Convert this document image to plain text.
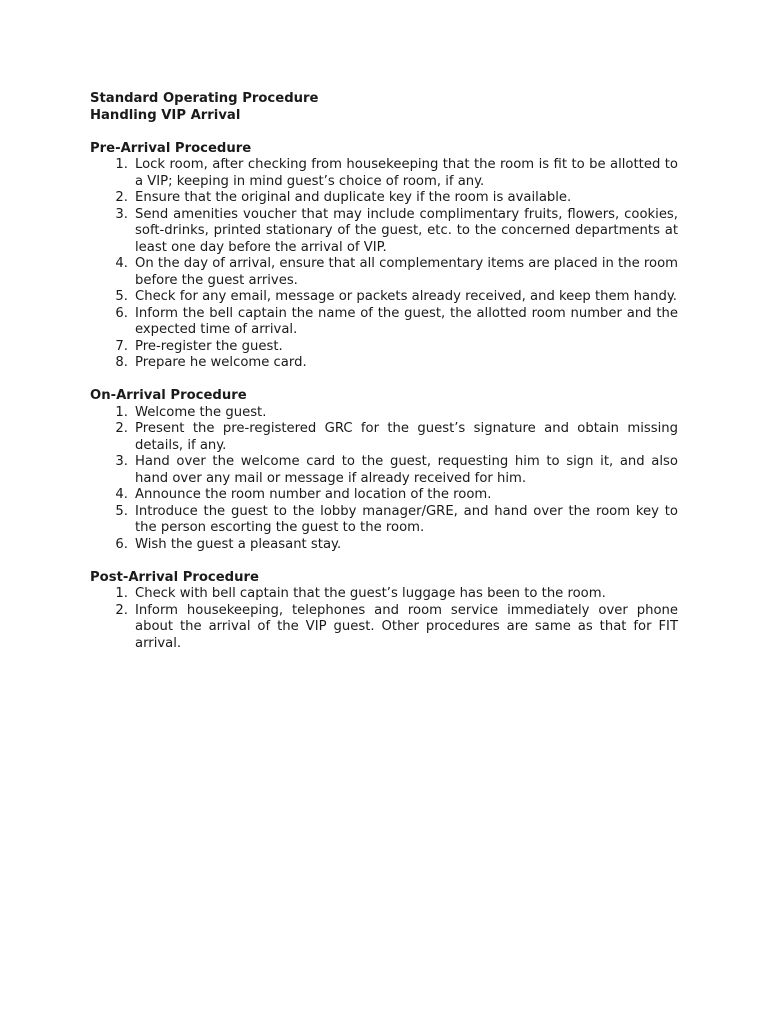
Standard Operating Procedure

Handling VIP Arrival

Pre-Arrival Procedure

1. Lock room, after checking from housekeeping that the room is fit to be allotted to a VIP; keeping in mind guest’s choice of room, if any.
2. Ensure that the original and duplicate key if the room is available.
3. Send amenities voucher that may include complimentary fruits, flowers, cookies, soft-drinks, printed stationary of the guest, etc. to the concerned departments at least one day before the arrival of VIP.
4. On the day of arrival, ensure that all complementary items are placed in the room before the guest arrives.
5. Check for any email, message or packets already received, and keep them handy.
6. Inform the bell captain the name of the guest, the allotted room number and the expected time of arrival.
7. Pre-register the guest.
8. Prepare he welcome card.

On-Arrival Procedure

1. Welcome the guest.
2. Present the pre-registered GRC for the guest’s signature and obtain missing details, if any.
3. Hand over the welcome card to the guest, requesting him to sign it, and also hand over any mail or message if already received for him.
4. Announce the room number and location of the room.
5. Introduce the guest to the lobby manager/GRE, and hand over the room key to the person escorting the guest to the room.
6. Wish the guest a pleasant stay.

Post-Arrival Procedure

1. Check with bell captain that the guest’s luggage has been to the room.
2. Inform housekeeping, telephones and room service immediately over phone about the arrival of the VIP guest. Other procedures are same as that for FIT arrival.
